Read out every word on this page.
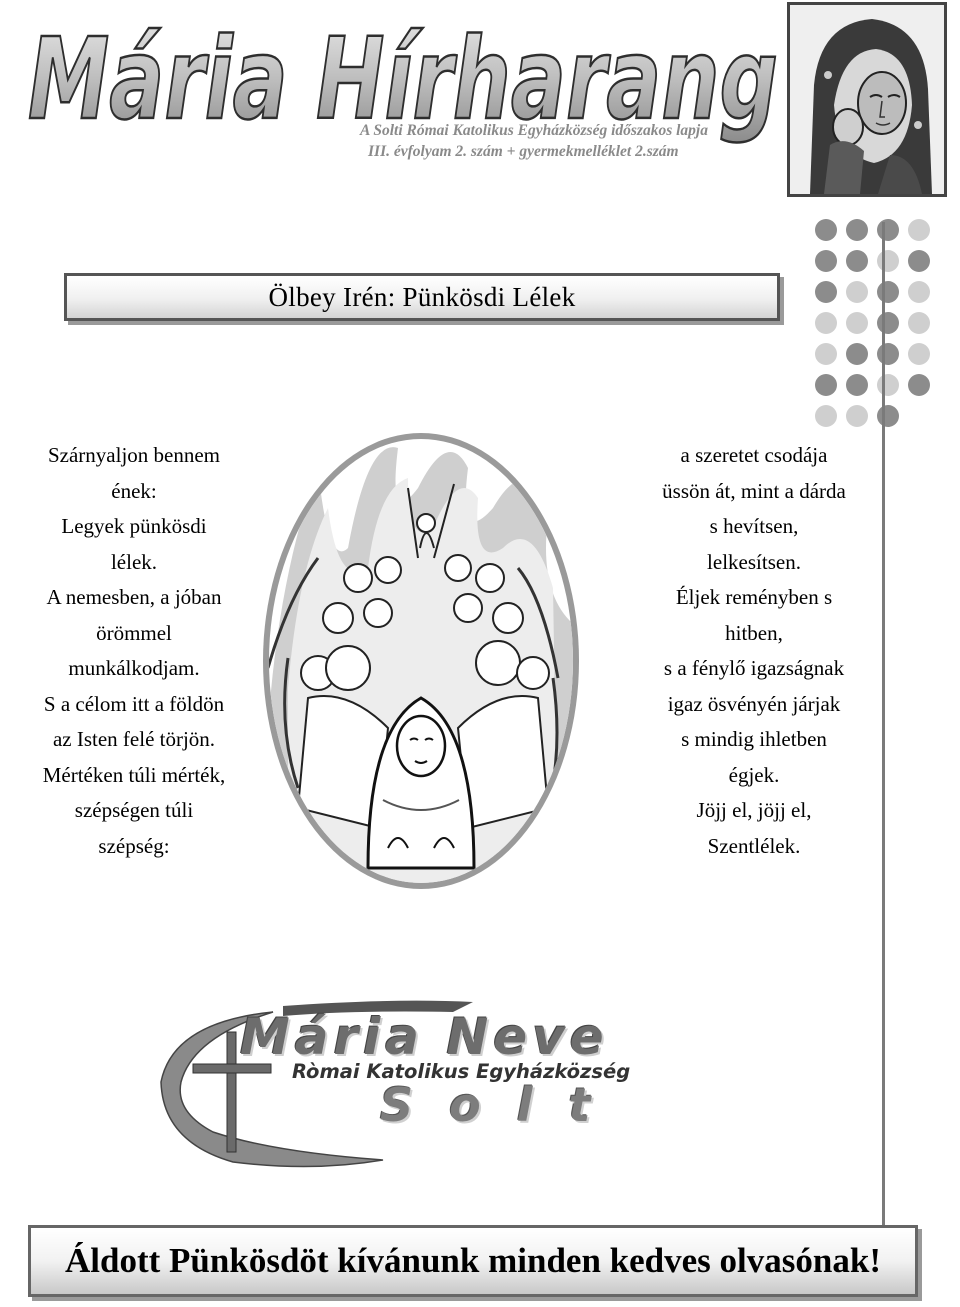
Mária Hírharang
A Solti Római Katolikus Egyházközség időszakos lapja
III. évfolyam 2. szám + gyermekmelléklet 2.szám
Ölbey Irén: Pünkösdi Lélek
Szárnyaljon bennem
ének:
Legyek pünkösdi
lélek.
A nemesben, a jóban
örömmel
munkálkodjam.
S a célom itt a földön
az Isten felé törjön.
Mértéken túli mérték,
szépségen túli
szépség:
a szeretet csodája
üssön át, mint a dárda
s hevítsen,
lelkesítsen.
Éljek reményben s
hitben,
s a fénylő igazságnak
igaz ösvényén járjak
s mindig ihletben
égjek.
Jöjj el, jöjj el,
Szentlélek.
Mária Neve
Ròmai Katolikus Egyházközség
Solt
Áldott Pünkösdöt kívánunk minden kedves olvasónak!
